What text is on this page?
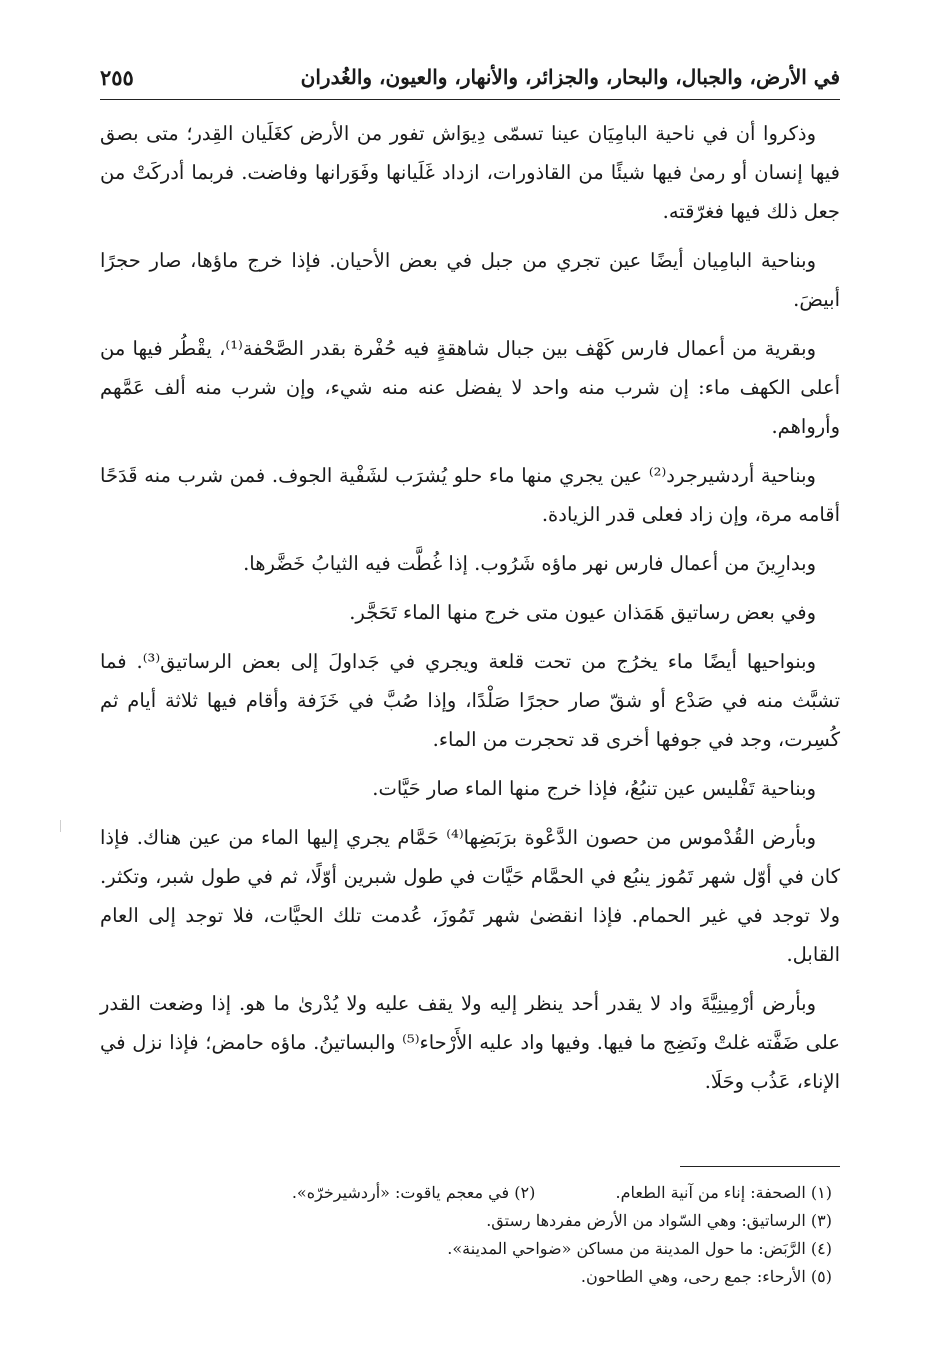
في الأرض، والجبال، والبحار، والجزائر، والأنهار، والعيون، والغُدران
٢٥٥

وذكروا أن في ناحية البامِيَان عينا تسمّى دِيوَاش تفور من الأرض كغَلَيان القِدر؛ متى بصق فيها إنسان أو رمىٰ فيها شيئًا من القاذورات، ازداد غَلَيانها وفَوَرانها وفاضت. فربما أدركَتْ من جعل ذلك فيها فغرّقته.

وبناحية البامِيان أيضًا عين تجري من جبل في بعض الأحيان. فإذا خرج ماؤها، صار حجرًا أبيضَ.

وبقرية من أعمال فارس كَهْف بين جبال شاهقةٍ فيه حُفْرة بقدر الصَّحْفة⁽¹⁾، يقْطُر فيها من أعلى الكهف ماء: إن شرب منه واحد لا يفضل عنه منه شيء، وإن شرب منه ألف عَمَّهم وأرواهم.

وبناحية أردشيرجرد⁽²⁾ عين يجري منها ماء حلو يُشرَب لشَفْية الجوف. فمن شرب منه قَدَحًا أقامه مرة، وإن زاد فعلى قدر الزيادة.

وبدارِينَ من أعمال فارس نهر ماؤه شَرُوب. إذا غُطَّت فيه الثيابُ خَضَّرها.

وفي بعض رساتيق هَمَذان عيون متى خرج منها الماء تَحَجَّر.

وبنواحيها أيضًا ماء يخرُج من تحت قلعة ويجري في جَداولَ إلى بعض الرساتيق⁽³⁾. فما تشبَّث منه في صَدْع أو شقّ صار حجرًا صَلْدًا، وإذا صُبَّ في خَزَفة وأقام فيها ثلاثة أيام ثم كُسِرت، وجد في جوفها أخرى قد تحجرت من الماء.

وبناحية تَفْليس عين تنبُعُ، فإذا خرج منها الماء صار حَيَّات.

وبأرض القُدْموس من حصون الدَّعْوة برَبَضِها⁽⁴⁾ حَمَّام يجري إليها الماء من عين هناك. فإذا كان في أوّل شهر تَمُوز ينبُع في الحمَّام حَيَّات في طول شبرين أوّلًا، ثم في طول شبر، وتكثر. ولا توجد في غير الحمام. فإذا انقضىٰ شهر تَمُوزَ، عُدمت تلك الحيَّات، فلا توجد إلى العام القابل.

وبأرض أرْمِينِيَّةَ واد لا يقدر أحد ينظر إليه ولا يقف عليه ولا يُدْرىٰ ما هو. إذا وضعت القدر على ضَفَّته غلتْ ونَضِج ما فيها. وفيها واد عليه الأَرْحاء⁽⁵⁾ والبساتينُ. ماؤه حامض؛ فإذا نزل في الإناء، عَذُب وحَلَا.

(١) الصحفة: إناء من آنية الطعام.  (٢) في معجم ياقوت: «أردشيرخرّه».
(٣) الرساتيق: وهي السّواد من الأرض مفردها رستق.
(٤) الرَّبَض: ما حول المدينة من مساكن «ضواحي المدينة».
(٥) الأرحاء: جمع رحى، وهي الطاحون.
